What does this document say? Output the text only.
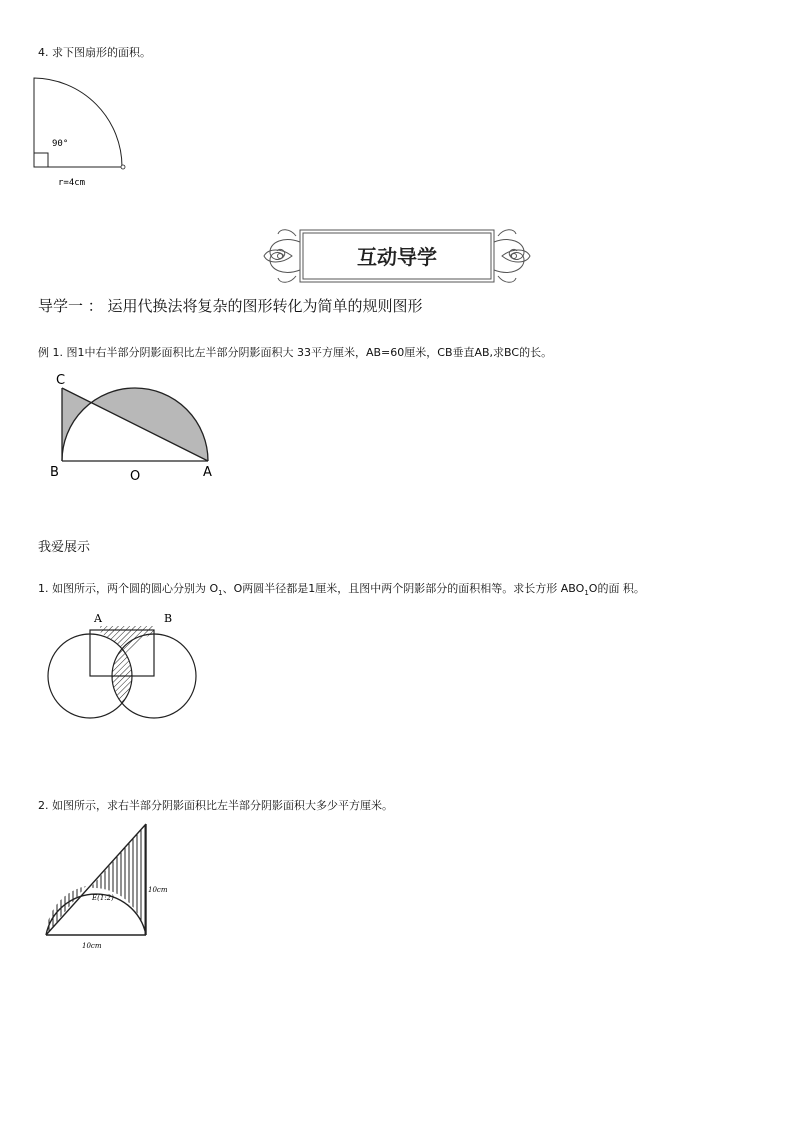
4. 求下图扇形的面积。
90°
r=4cm
互动导学
导学一 ： 运用代换法将复杂的图形转化为简单的规则图形
例 1. 图1中右半部分阴影面积比左半部分阴影面积大 33平方厘米，AB=60厘米，CB垂直AB,求BC的长。
C
B	O	A
我爱展示
1. 如图所示，两个圆的圆心分别为 $O_1$、O两圆半径都是1厘米，且图中两个阴影部分的面积相等。求长方形 $ABO_1O$的面 积。
A	B
2. 如图所示，求右半部分阴影面积比左半部分阴影面积大多少平方厘米。
10cm
10cm
E(1:2)
